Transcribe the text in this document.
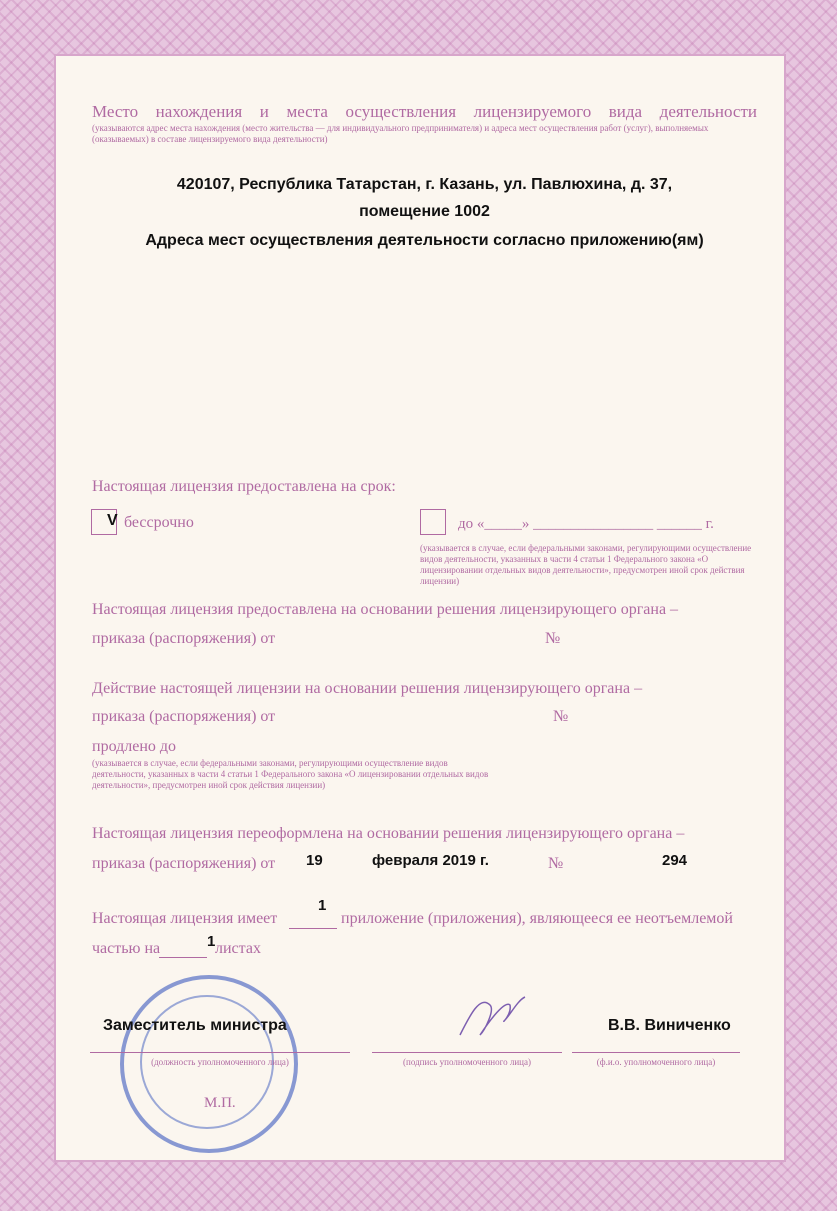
Место нахождения и места осуществления лицензируемого вида деятельности
(указываются адрес места нахождения (место жительства — для индивидуального предпринимателя) и адреса мест осуществления работ (услуг), выполняемых (оказываемых) в составе лицензируемого вида деятельности)
420107, Республика Татарстан, г. Казань, ул. Павлюхина, д. 37,
помещение 1002
Адреса мест осуществления деятельности согласно приложению(ям)
Настоящая лицензия предоставлена на срок:
V бессрочно	до «_____» ________________ ______ г.
(указывается в случае, если федеральными законами, регулирующими осуществление видов деятельности, указанных в части 4 статьи 1 Федерального закона «О лицензировании отдельных видов деятельности», предусмотрен иной срок действия лицензии)
Настоящая лицензия предоставлена на основании решения лицензирующего органа –
приказа (распоряжения) от	№
Действие настоящей лицензии на основании решения лицензирующего органа –
приказа (распоряжения) от	№
продлено до
(указывается в случае, если федеральными законами, регулирующими осуществление видов деятельности, указанных в части 4 статьи 1 Федерального закона «О лицензировании отдельных видов деятельности», предусмотрен иной срок действия лицензии)
Настоящая лицензия переоформлена на основании решения лицензирующего органа –
приказа (распоряжения) от 19	февраля 2019 г.	№	294
Настоящая лицензия имеет
1
приложение (приложения), являющееся ее неотъемлемой
частью на	1 листах
Заместитель министра
(должность уполномоченного лица)	(подпись уполномоченного лица)
В.В. Виниченко
(ф.и.о. уполномоченного лица)
М.П.
